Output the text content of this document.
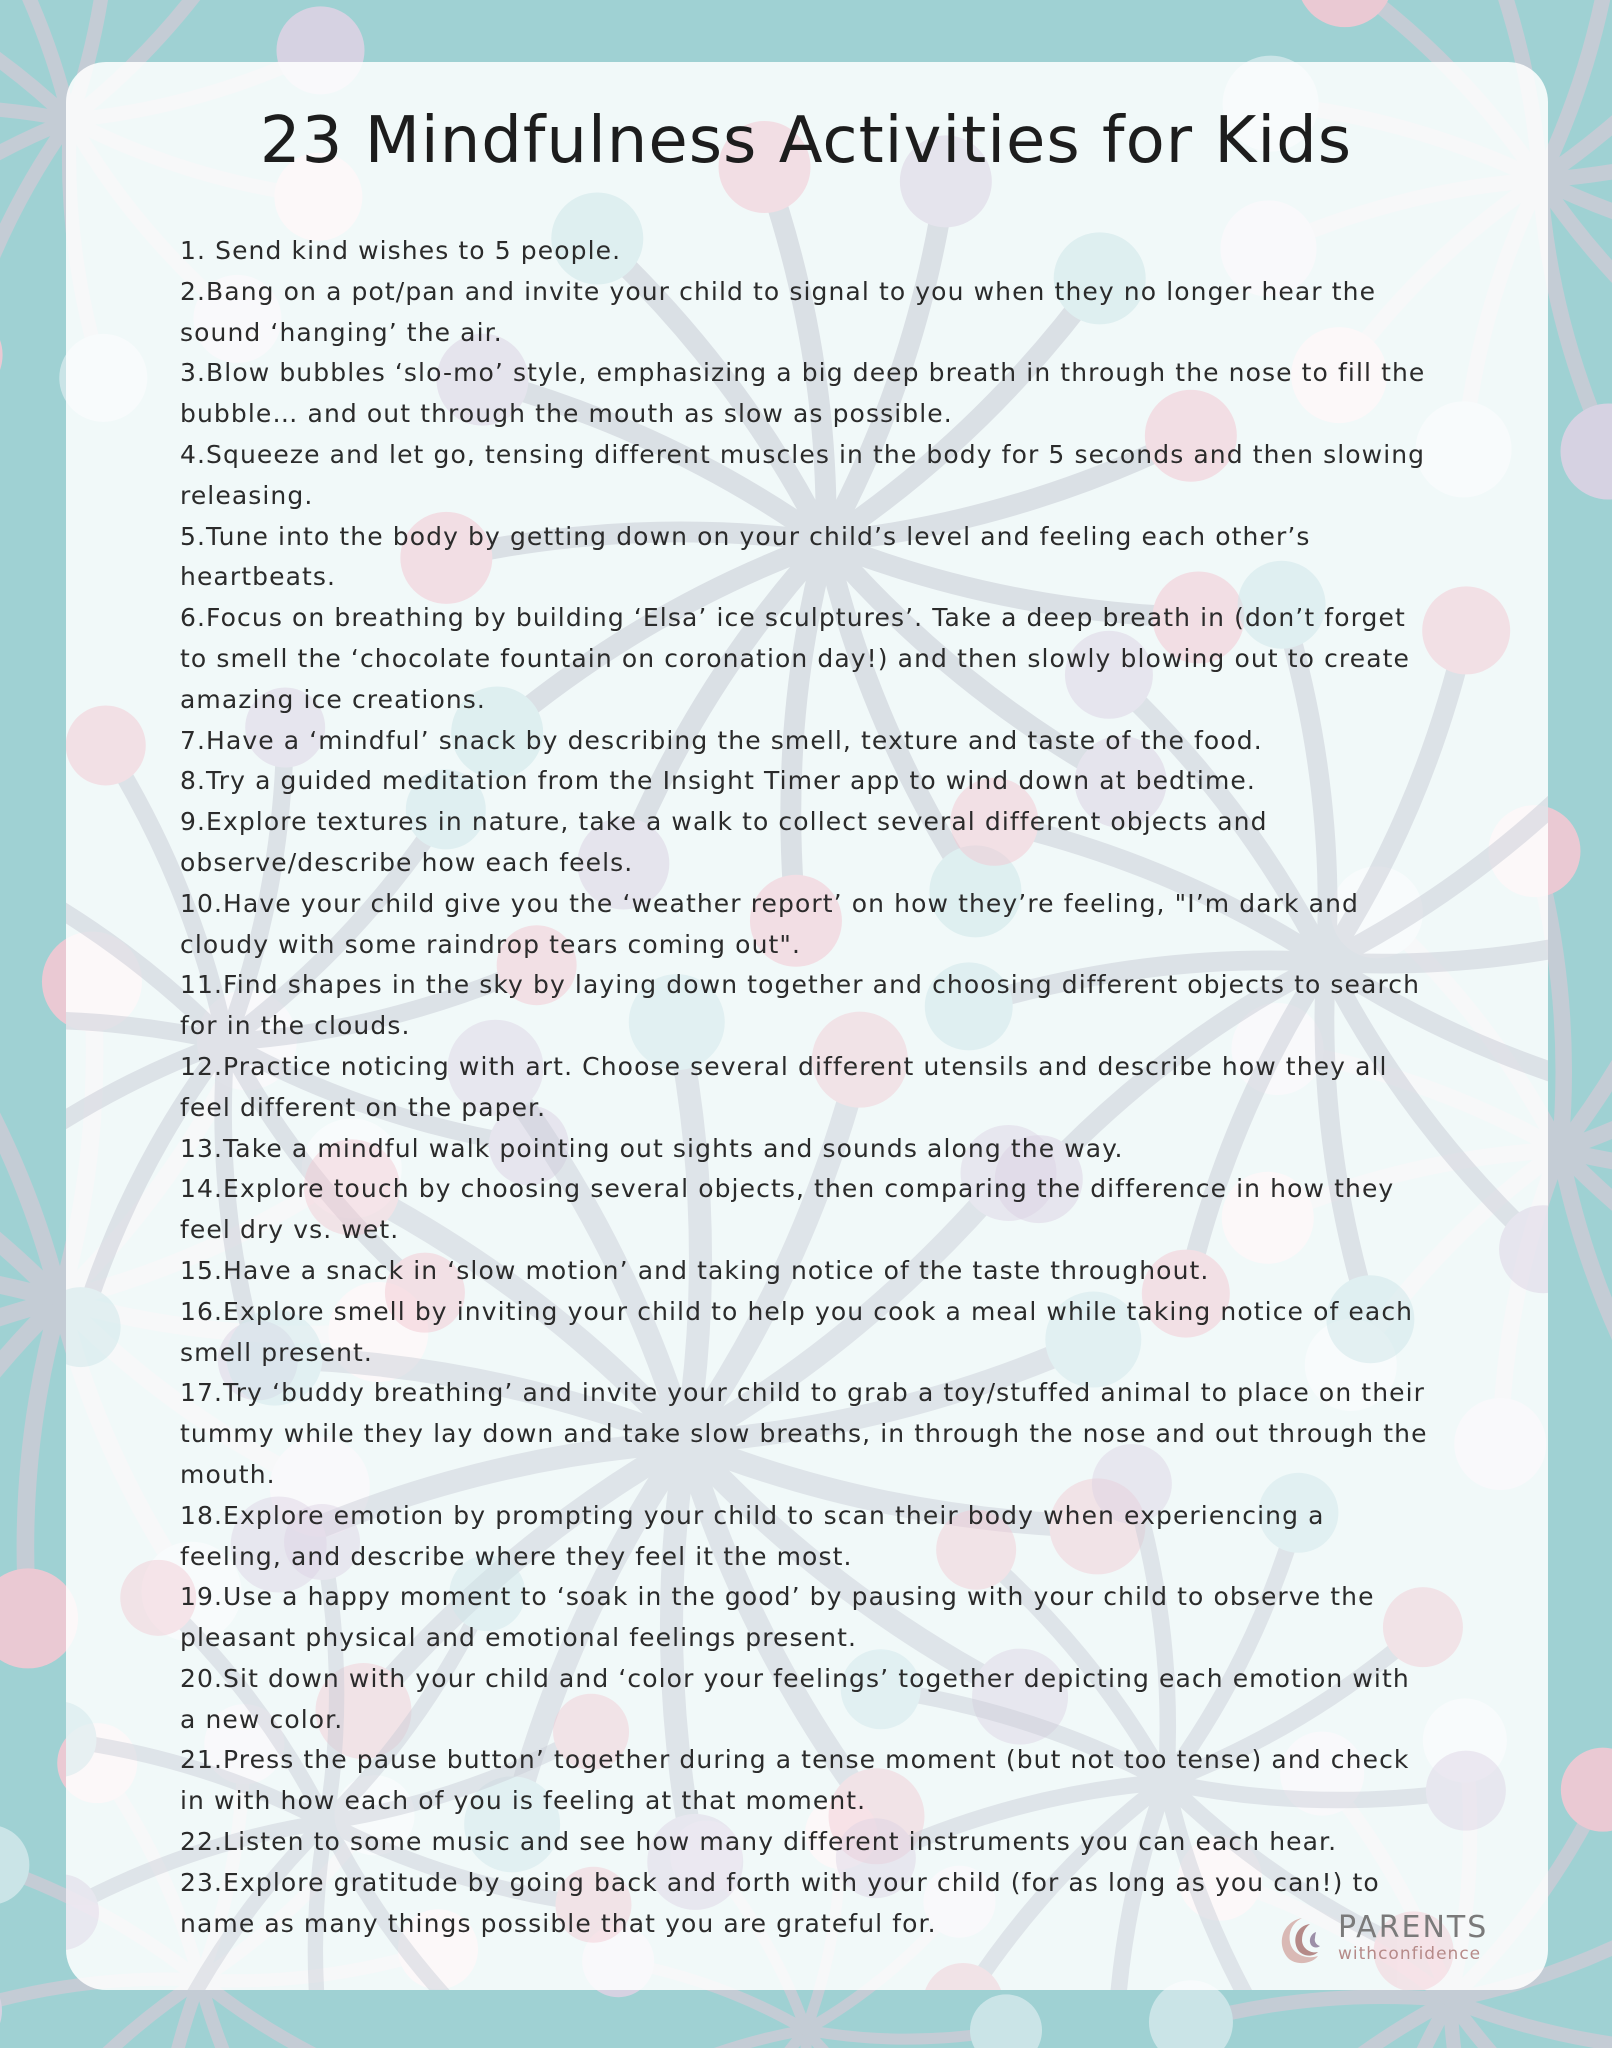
23 Mindfulness Activities for Kids
1. Send kind wishes to 5 people.
2.Bang on a pot/pan and invite your child to signal to you when they no longer hear the sound ‘hanging’ the air.
3.Blow bubbles ‘slo-mo’ style, emphasizing a big deep breath in through the nose to fill the bubble… and out through the mouth as slow as possible.
4.Squeeze and let go, tensing different muscles in the body for 5 seconds and then slowing releasing.
5.Tune into the body by getting down on your child’s level and feeling each other’s heartbeats.
6.Focus on breathing by building ‘Elsa’ ice sculptures’. Take a deep breath in (don’t forget to smell the ‘chocolate fountain on coronation day!) and then slowly blowing out to create amazing ice creations.
7.Have a ‘mindful’ snack by describing the smell, texture and taste of the food.
8.Try a guided meditation from the Insight Timer app to wind down at bedtime.
9.Explore textures in nature, take a walk to collect several different objects and observe/describe how each feels.
10.Have your child give you the ‘weather report’ on how they’re feeling, "I’m dark and cloudy with some raindrop tears coming out".
11.Find shapes in the sky by laying down together and choosing different objects to search for in the clouds.
12.Practice noticing with art. Choose several different utensils and describe how they all feel different on the paper.
13.Take a mindful walk pointing out sights and sounds along the way.
14.Explore touch by choosing several objects, then comparing the difference in how they feel dry vs. wet.
15.Have a snack in ‘slow motion’ and taking notice of the taste throughout.
16.Explore smell by inviting your child to help you cook a meal while taking notice of each smell present.
17.Try ‘buddy breathing’ and invite your child to grab a toy/stuffed animal to place on their tummy while they lay down and take slow breaths, in through the nose and out through the mouth.
18.Explore emotion by prompting your child to scan their body when experiencing a feeling, and describe where they feel it the most.
19.Use a happy moment to ‘soak in the good’ by pausing with your child to observe the pleasant physical and emotional feelings present.
20.Sit down with your child and ‘color your feelings’ together depicting each emotion with a new color.
21.Press the pause button’ together during a tense moment (but not too tense) and check in with how each of you is feeling at that moment.
22.Listen to some music and see how many different instruments you can each hear.
23.Explore gratitude by going back and forth with your child (for as long as you can!) to name as many things possible that you are grateful for.	PARENTS
withconfidence
